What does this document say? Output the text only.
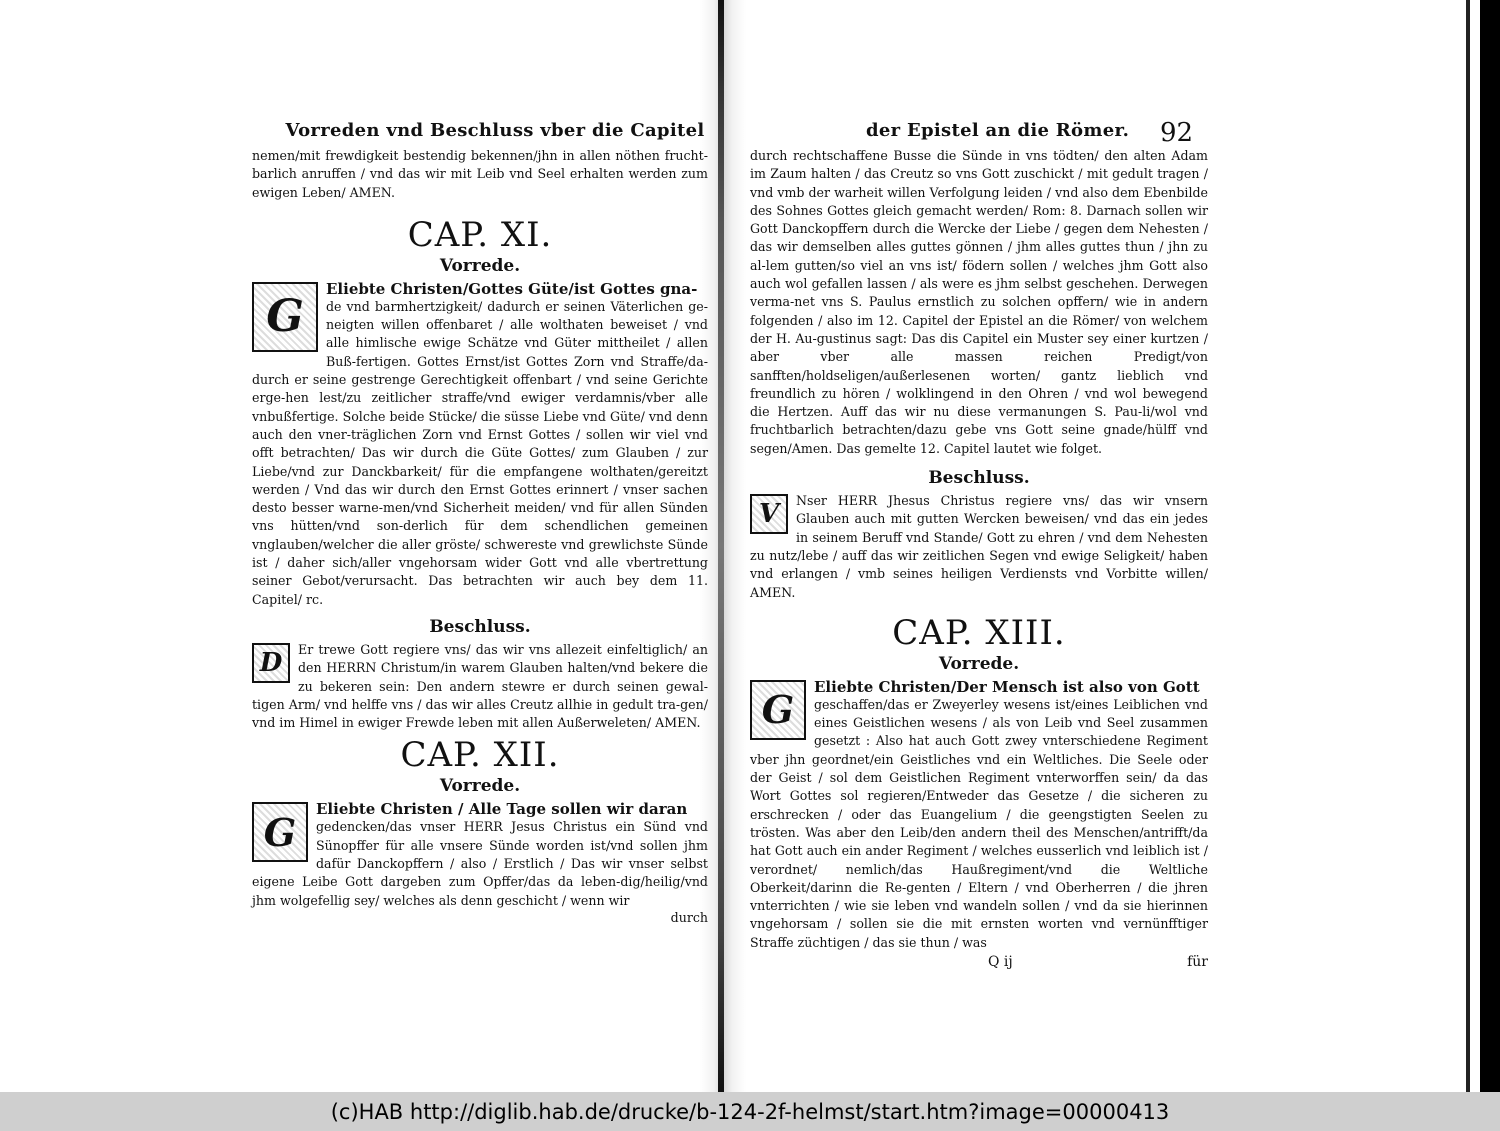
Vorreden vnd Beschluss vber die Capitel

nemen/mit frewdigkeit bestendig bekennen/jhn in allen nöthen frucht-barlich anruffen / vnd das wir mit Leib vnd Seel erhalten werden zum ewigen Leben/ AMEN.

CAP. XI.
Vorrede.
G
Eliebte Christen/Gottes Güte/ist Gottes gna-

de vnd barmhertzigkeit/ dadurch er seinen Väterlichen ge-neigten willen offenbaret / alle wolthaten beweiset / vnd alle himlische ewige Schätze vnd Güter mittheilet / allen Buß-fertigen. Gottes Ernst/ist Gottes Zorn vnd Straffe/da-durch er seine gestrenge Gerechtigkeit offenbart / vnd seine Gerichte erge-hen lest/zu zeitlicher straffe/vnd ewiger verdamnis/vber alle vnbußfertige. Solche beide Stücke/ die süsse Liebe vnd Güte/ vnd denn auch den vner-träglichen Zorn vnd Ernst Gottes / sollen wir viel vnd offt betrachten/ Das wir durch die Güte Gottes/ zum Glauben / zur Liebe/vnd zur Danckbarkeit/ für die empfangene wolthaten/gereitzt werden / Vnd das wir durch den Ernst Gottes erinnert / vnser sachen desto besser warne-men/vnd Sicherheit meiden/ vnd für allen Sünden vns hütten/vnd son-derlich für dem schendlichen gemeinen vnglauben/welcher die aller gröste/ schwereste vnd grewlichste Sünde ist / daher sich/aller vngehorsam wider Gott vnd alle vbertrettung seiner Gebot/verursacht. Das betrachten wir auch bey dem 11. Capitel/ rc.

Beschluss.
D	Er trewe Gott regiere vns/ das wir vns allezeit einfeltiglich/ an den HERRN Christum/in warem Glauben halten/vnd bekere die zu bekeren sein: Den andern stewre er durch seinen gewal-tigen Arm/ vnd helffe vns / das wir alles Creutz allhie in gedult tra-gen/ vnd im Himel in ewiger Frewde leben mit allen Außerweleten/ AMEN.

CAP. XII.
Vorrede.
G
Eliebte Christen / Alle Tage sollen wir daran

gedencken/das vnser HERR Jesus Christus ein Sünd vnd Sünopffer für alle vnsere Sünde worden ist/vnd sollen jhm dafür Danckopffern / also / Erstlich / Das wir vnser selbst eigene Leibe Gott dargeben zum Opffer/das da leben-dig/heilig/vnd jhm wolgefellig sey/ welches als denn geschicht / wenn wir

durch

92
der Epistel an die Römer.

durch rechtschaffene Busse die Sünde in vns tödten/ den alten Adam im Zaum halten / das Creutz so vns Gott zuschickt / mit gedult tragen / vnd vmb der warheit willen Verfolgung leiden / vnd also dem Ebenbilde des Sohnes Gottes gleich gemacht werden/ Rom: 8. Darnach sollen wir Gott Danckopffern durch die Wercke der Liebe / gegen dem Nehesten / das wir demselben alles guttes gönnen / jhm alles guttes thun / jhn zu al-lem gutten/so viel an vns ist/ födern sollen / welches jhm Gott also auch wol gefallen lassen / als were es jhm selbst geschehen. Derwegen verma-net vns S. Paulus ernstlich zu solchen opffern/ wie in andern folgenden / also im 12. Capitel der Epistel an die Römer/ von welchem der H. Au-gustinus sagt: Das dis Capitel ein Muster sey einer kurtzen / aber vber alle massen reichen Predigt/von sanfften/holdseligen/außerlesenen worten/ gantz lieblich vnd freundlich zu hören / wolklingend in den Ohren / vnd wol bewegend die Hertzen. Auff das wir nu diese vermanungen S. Pau-li/wol vnd fruchtbarlich betrachten/dazu gebe vns Gott seine gnade/hülff vnd segen/Amen. Das gemelte 12. Capitel lautet wie folget.

Beschluss.
V	Nser HERR Jhesus Christus regiere vns/ das wir vnsern Glauben auch mit gutten Wercken beweisen/ vnd das ein jedes in seinem Beruff vnd Stande/ Gott zu ehren / vnd dem Nehesten zu nutz/lebe / auff das wir zeitlichen Segen vnd ewige Seligkeit/ haben vnd erlangen / vmb seines heiligen Verdiensts vnd Vorbitte willen/ AMEN.

CAP. XIII.
Vorrede.
G
Eliebte Christen/Der Mensch ist also von Gott

geschaffen/das er Zweyerley wesens ist/eines Leiblichen vnd eines Geistlichen wesens / als von Leib vnd Seel zusammen gesetzt : Also hat auch Gott zwey vnterschiedene Regiment vber jhn geordnet/ein Geistliches vnd ein Weltliches. Die Seele oder der Geist / sol dem Geistlichen Regiment vnterworffen sein/ da das Wort Gottes sol regieren/Entweder das Gesetze / die sicheren zu erschrecken / oder das Euangelium / die geengstigten Seelen zu trösten. Was aber den Leib/den andern theil des Menschen/antrifft/da hat Gott auch ein ander Regiment / welches eusserlich vnd leiblich ist / verordnet/ nemlich/das Haußregiment/vnd die Weltliche Oberkeit/darinn die Re-genten / Eltern / vnd Oberherren / die jhren vnterrichten / wie sie leben vnd wandeln sollen / vnd da sie hierinnen vngehorsam / sollen sie die mit ernsten worten vnd vernünfftiger Straffe züchtigen / das sie thun / was

Q ij	für
(c)HAB http://diglib.hab.de/drucke/b-124-2f-helmst/start.htm?image=00000413
